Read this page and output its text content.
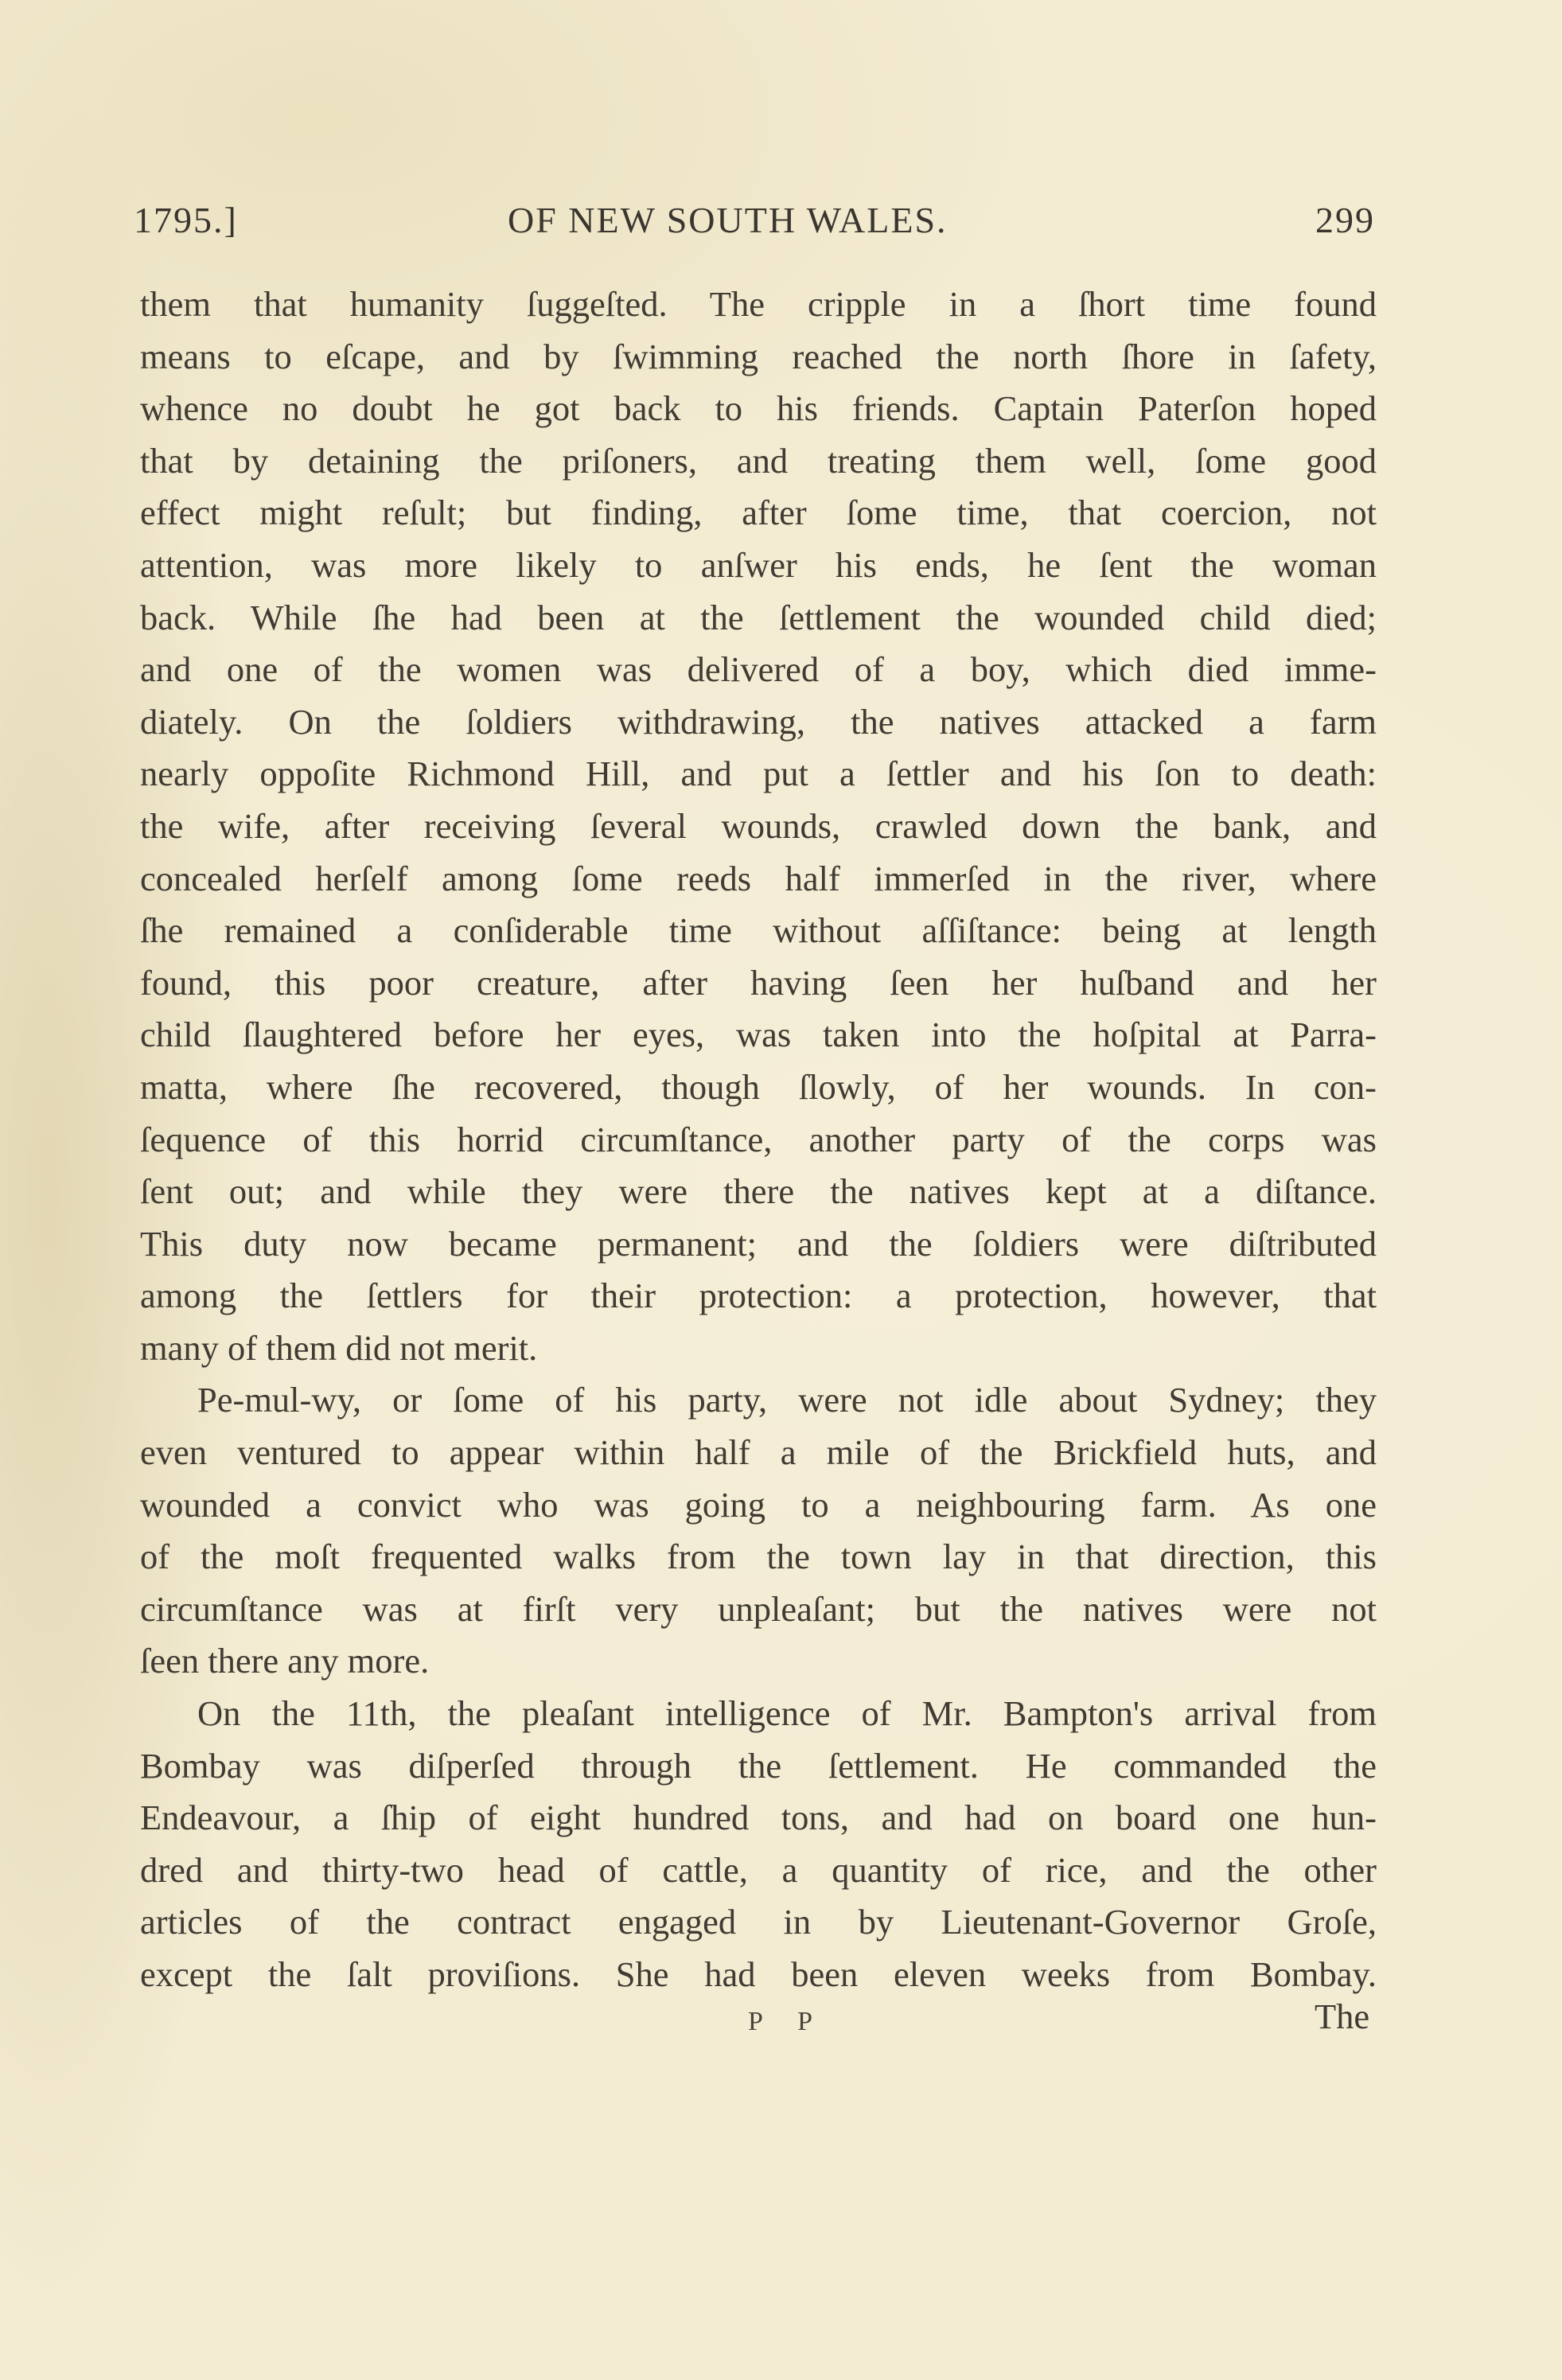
1795.]	OF NEW SOUTH WALES.	299
them that humanity ſuggeſted. The cripple in a ſhort time found
means to eſcape, and by ſwimming reached the north ſhore in ſafety,
whence no doubt he got back to his friends. Captain Paterſon hoped
that by detaining the priſoners, and treating them well, ſome good
effect might reſult; but finding, after ſome time, that coercion, not
attention, was more likely to anſwer his ends, he ſent the woman
back. While ſhe had been at the ſettlement the wounded child died;
and one of the women was delivered of a boy, which died imme-
diately. On the ſoldiers withdrawing, the natives attacked a farm
nearly oppoſite Richmond Hill, and put a ſettler and his ſon to death:
the wife, after receiving ſeveral wounds, crawled down the bank, and
concealed herſelf among ſome reeds half immerſed in the river, where
ſhe remained a conſiderable time without aſſiſtance: being at length
found, this poor creature, after having ſeen her huſband and her
child ſlaughtered before her eyes, was taken into the hoſpital at Parra-
matta, where ſhe recovered, though ſlowly, of her wounds. In con-
ſequence of this horrid circumſtance, another party of the corps was
ſent out; and while they were there the natives kept at a diſtance.
This duty now became permanent; and the ſoldiers were diſtributed
among the ſettlers for their protection: a protection, however, that
many of them did not merit.
Pe-mul-wy, or ſome of his party, were not idle about Sydney; they
even ventured to appear within half a mile of the Brickfield huts, and
wounded a convict who was going to a neighbouring farm. As one
of the moſt frequented walks from the town lay in that direction, this
circumſtance was at firſt very unpleaſant; but the natives were not
ſeen there any more.
On the 11th, the pleaſant intelligence of Mr. Bampton's arrival from
Bombay was diſperſed through the ſettlement. He commanded the
Endeavour, a ſhip of eight hundred tons, and had on board one hun-
dred and thirty-two head of cattle, a quantity of rice, and the other
articles of the contract engaged in by Lieutenant-Governor Groſe,
except the ſalt proviſions. She had been eleven weeks from Bombay.
P P	The
